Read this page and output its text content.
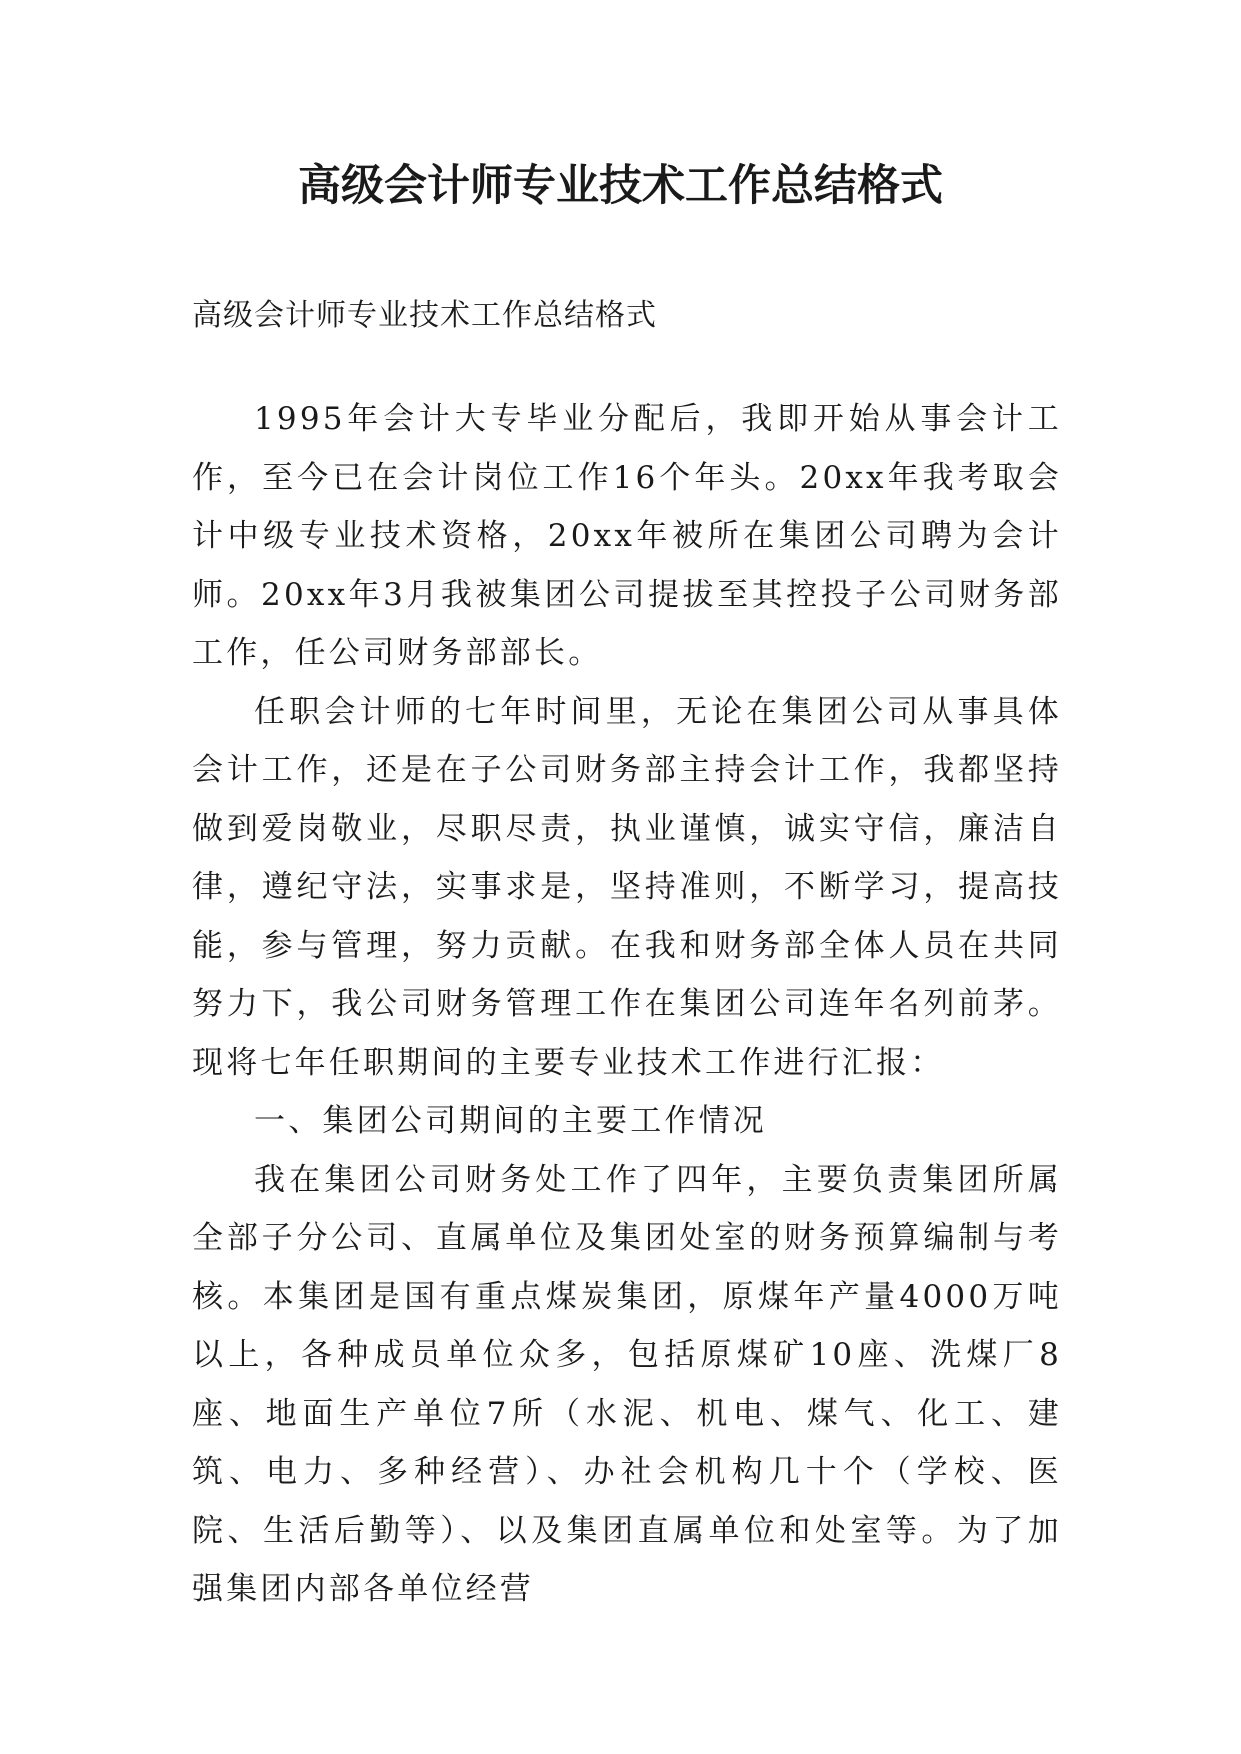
高级会计师专业技术工作总结格式

高级会计师专业技术工作总结格式

1995年会计大专毕业分配后，我即开始从事会计工作，至今已在会计岗位工作16个年头。20xx年我考取会计中级专业技术资格，20xx年被所在集团公司聘为会计师。20xx年3月我被集团公司提拔至其控投子公司财务部工作，任公司财务部部长。

任职会计师的七年时间里，无论在集团公司从事具体会计工作，还是在子公司财务部主持会计工作，我都坚持做到爱岗敬业，尽职尽责，执业谨慎，诚实守信，廉洁自律，遵纪守法，实事求是，坚持准则，不断学习，提高技能，参与管理，努力贡献。在我和财务部全体人员在共同努力下，我公司财务管理工作在集团公司连年名列前茅。现将七年任职期间的主要专业技术工作进行汇报：

一、集团公司期间的主要工作情况

我在集团公司财务处工作了四年，主要负责集团所属全部子分公司、直属单位及集团处室的财务预算编制与考核。本集团是国有重点煤炭集团，原煤年产量4000万吨以上，各种成员单位众多，包括原煤矿10座、洗煤厂8座、地面生产单位7所（水泥、机电、煤气、化工、建筑、电力、多种经营）、办社会机构几十个（学校、医院、生活后勤等）、以及集团直属单位和处室等。为了加强集团内部各单位经营
